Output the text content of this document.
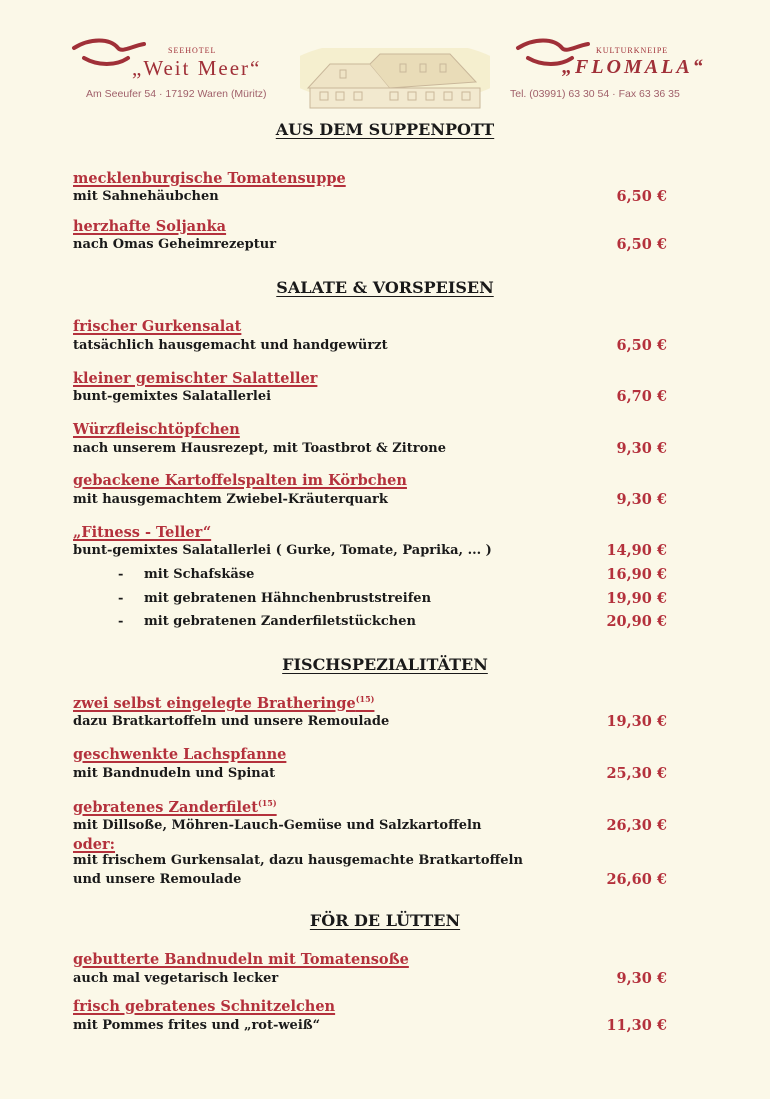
SEEHOTEL
„Weit Meer“
Am Seeufer 54 · 17192 Waren (Müritz)
KULTURKNEIPE
„FLOMALA“
Tel. (03991) 63 30 54 · Fax 63 36 35
AUS DEM SUPPENPOTT
mecklenburgische Tomatensuppe
mit Sahnehäubchen	6,50 €
herzhafte Soljanka
nach Omas Geheimrezeptur	6,50 €
SALATE & VORSPEISEN
frischer Gurkensalat
tatsächlich hausgemacht und handgewürzt	6,50 €
kleiner gemischter Salatteller
bunt-gemixtes Salatallerlei	6,70 €
Würzfleischtöpfchen
nach unserem Hausrezept, mit Toastbrot & Zitrone	9,30 €
gebackene Kartoffelspalten im Körbchen
mit hausgemachtem Zwiebel-Kräuterquark	9,30 €
„Fitness - Teller“
bunt-gemixtes Salatallerlei ( Gurke, Tomate, Paprika, ... )	14,90 €
- mit Schafskäse	16,90 €
- mit gebratenen Hähnchenbruststreifen	19,90 €
- mit gebratenen Zanderfiletstückchen	20,90 €
FISCHSPEZIALITÄTEN
zwei selbst eingelegte Bratheringe$^{(15)}$
dazu Bratkartoffeln und unsere Remoulade	19,30 €
geschwenkte Lachspfanne
mit Bandnudeln und Spinat	25,30 €
gebratenes Zanderfilet$^{(15)}$
mit Dillsoße, Möhren-Lauch-Gemüse und Salzkartoffeln	26,30 €
oder:
mit frischem Gurkensalat, dazu hausgemachte Bratkartoffeln
und unsere Remoulade	26,60 €
FÖR DE LÜTTEN
gebutterte Bandnudeln mit Tomatensoße
auch mal vegetarisch lecker	9,30 €
frisch gebratenes Schnitzelchen
mit Pommes frites und „rot-weiß“	11,30 €
